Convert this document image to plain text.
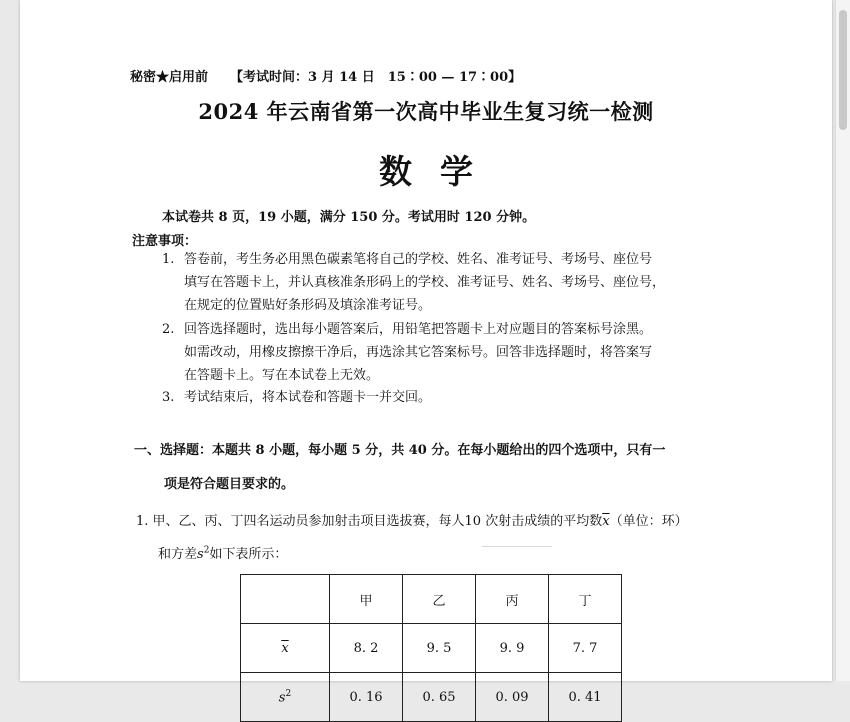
秘密★启用前 【考试时间：3 月 14 日　15∶00 — 17∶00】
2024 年云南省第一次高中毕业生复习统一检测
数学
本试卷共 8 页，19 小题，满分 150 分。考试用时 120 分钟。
注意事项：
1. 答卷前，考生务必用黑色碳素笔将自己的学校、姓名、准考证号、考场号、座位号
填写在答题卡上，并认真核准条形码上的学校、准考证号、姓名、考场号、座位号，
在规定的位置贴好条形码及填涂准考证号。
2. 回答选择题时，选出每小题答案后，用铅笔把答题卡上对应题目的答案标号涂黑。
如需改动，用橡皮擦擦干净后，再选涂其它答案标号。回答非选择题时，将答案写
在答题卡上。写在本试卷上无效。
3. 考试结束后，将本试卷和答题卡一并交回。
一、选择题：本题共 8 小题，每小题 5 分，共 40 分。在每小题给出的四个选项中，只有一
项是符合题目要求的。
1. 甲、乙、丙、丁四名运动员参加射击项目选拔赛，每人10 次射击成绩的平均数$\overline{x}$（单位：环）
和方差$s^2$如下表所示：
	甲	乙	丙	丁
$\overline{x}$	8. 2	9. 5	9. 9	7. 7
$s^2$	0. 16	0. 65	0. 09	0. 41
